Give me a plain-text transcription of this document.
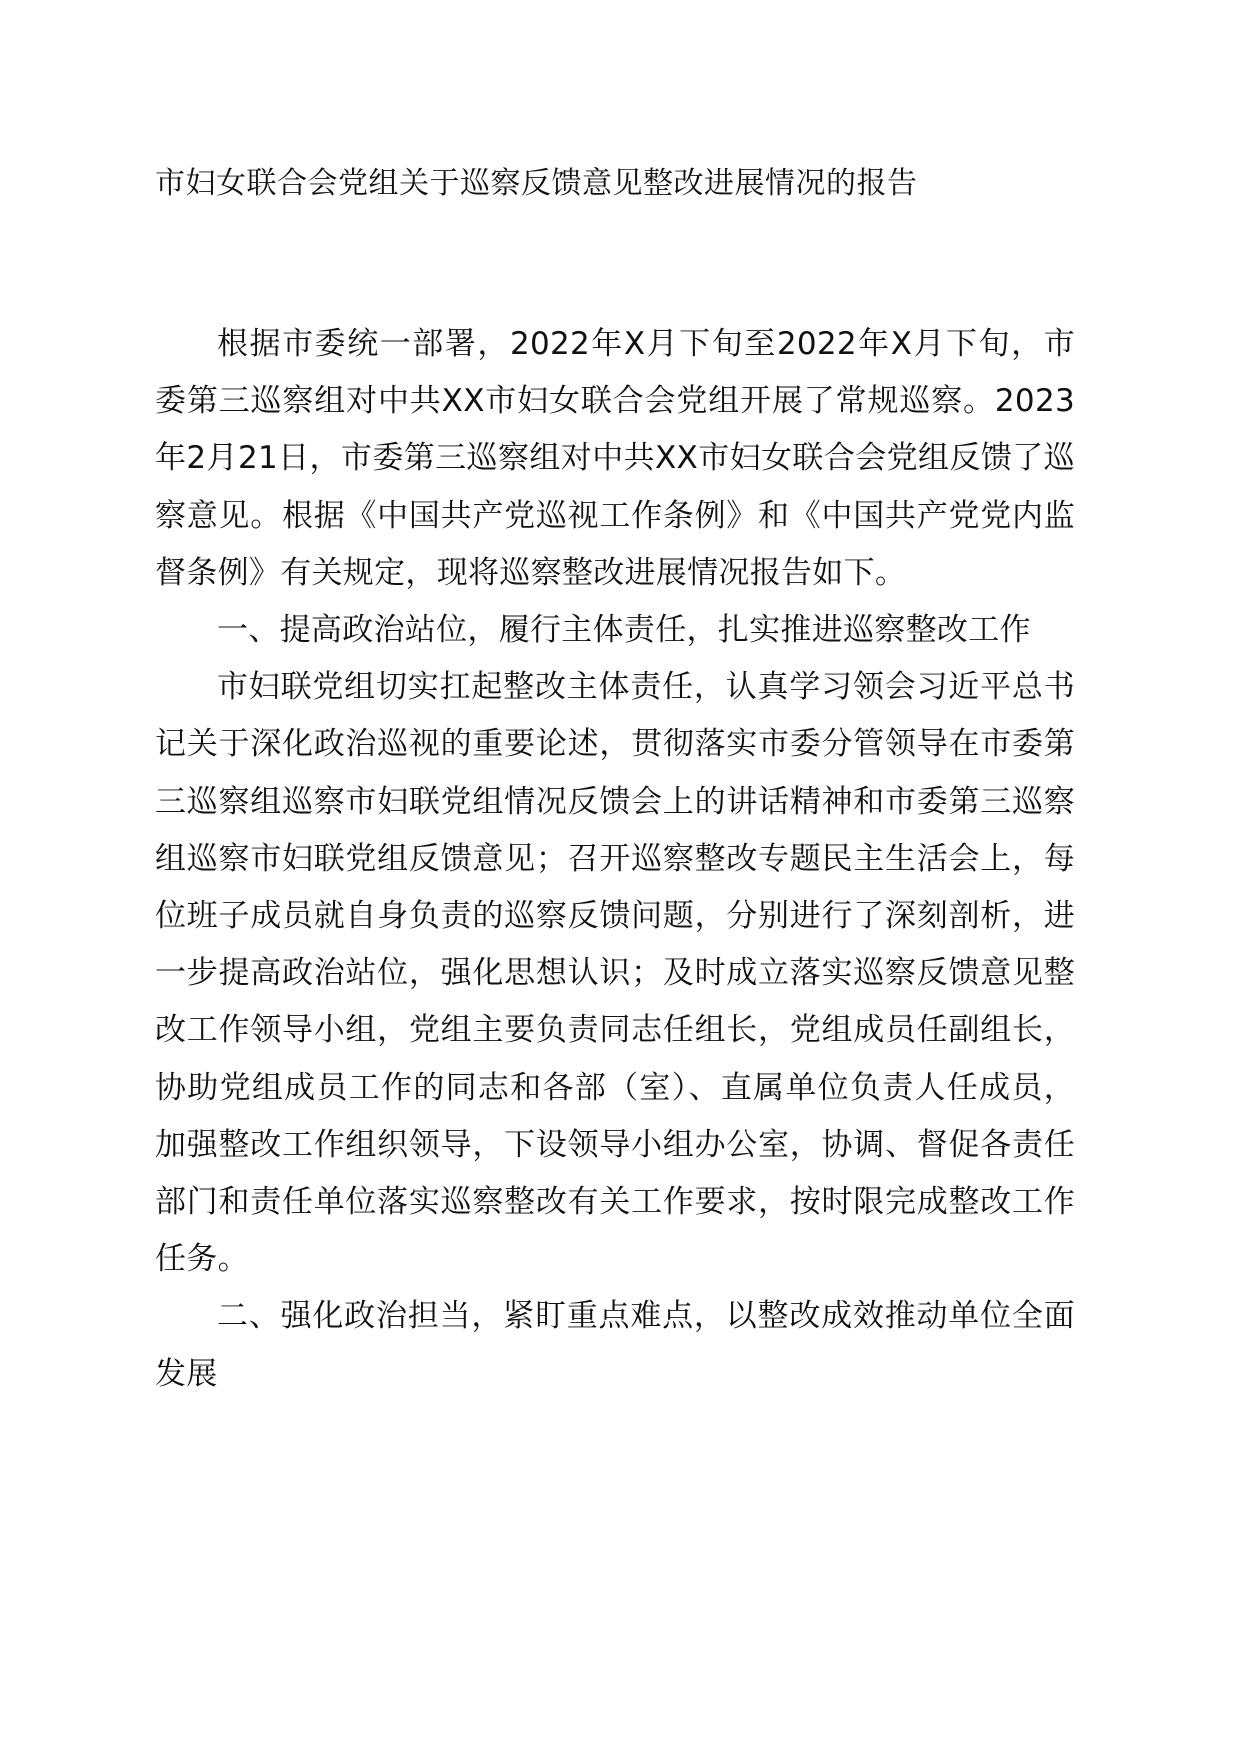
市妇女联合会党组关于巡察反馈意见整改进展情况的报告

根据市委统一部署，2022年X月下旬至2022年X月下旬，市委第三巡察组对中共XX市妇女联合会党组开展了常规巡察。2023年2月21日，市委第三巡察组对中共XX市妇女联合会党组反馈了巡察意见。根据《中国共产党巡视工作条例》和《中国共产党党内监督条例》有关规定，现将巡察整改进展情况报告如下。

一、提高政治站位，履行主体责任，扎实推进巡察整改工作

市妇联党组切实扛起整改主体责任，认真学习领会习近平总书记关于深化政治巡视的重要论述，贯彻落实市委分管领导在市委第三巡察组巡察市妇联党组情况反馈会上的讲话精神和市委第三巡察组巡察市妇联党组反馈意见；召开巡察整改专题民主生活会上，每位班子成员就自身负责的巡察反馈问题，分别进行了深刻剖析，进一步提高政治站位，强化思想认识；及时成立落实巡察反馈意见整改工作领导小组，党组主要负责同志任组长，党组成员任副组长，协助党组成员工作的同志和各部（室）、直属单位负责人任成员，加强整改工作组织领导，下设领导小组办公室，协调、督促各责任部门和责任单位落实巡察整改有关工作要求，按时限完成整改工作任务。

二、强化政治担当，紧盯重点难点，以整改成效推动单位全面发展
